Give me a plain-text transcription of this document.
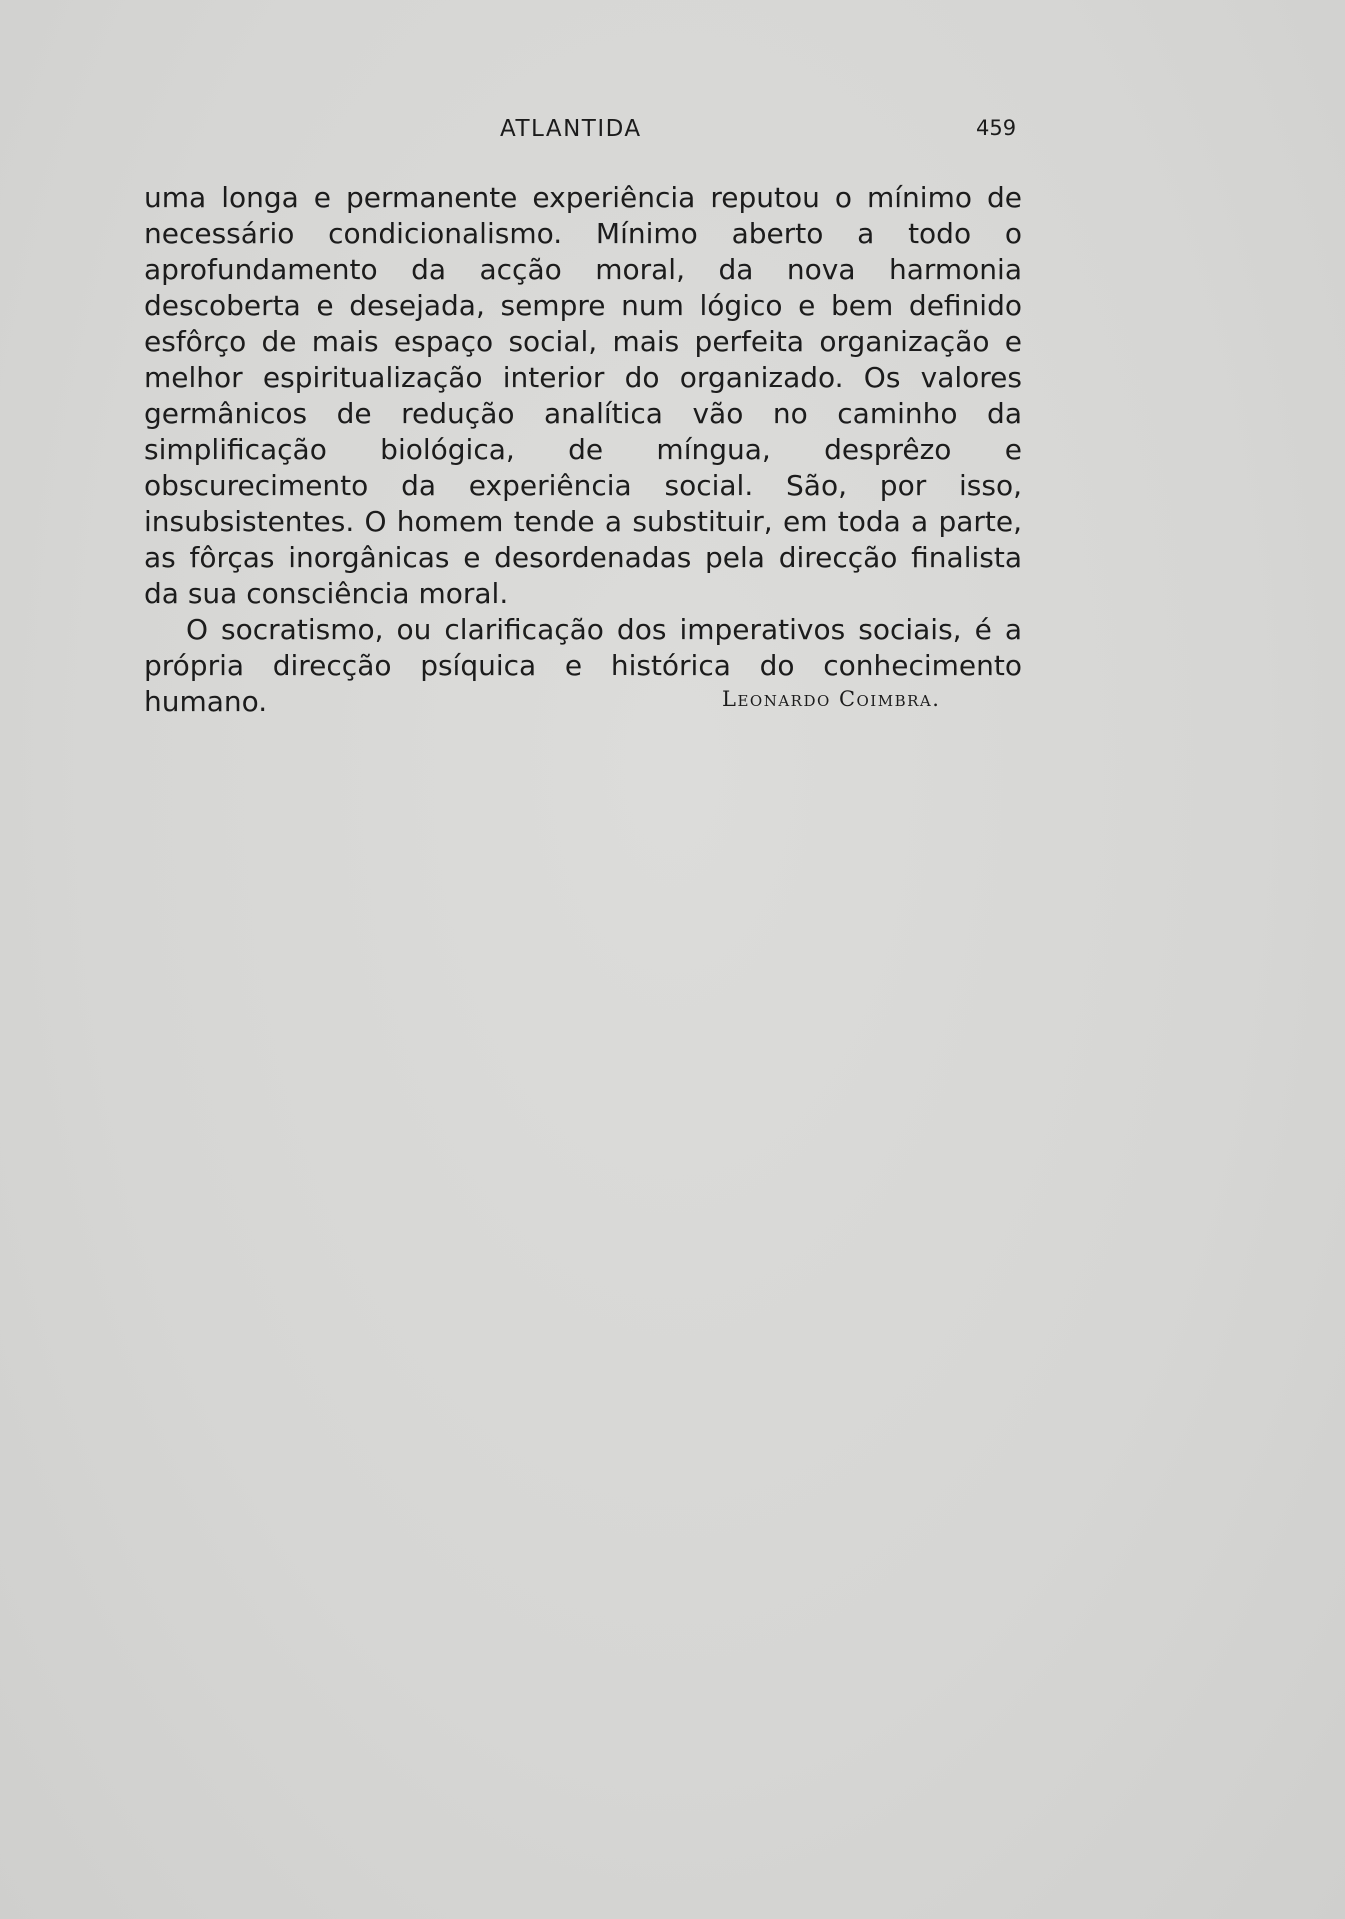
ATLANTIDA	459

uma longa e permanente experiência reputou o mínimo de necessário condicionalismo. Mínimo aberto a todo o aprofundamento da acção moral, da nova harmonia descoberta e desejada, sempre num lógico e bem definido esfôrço de mais espaço social, mais perfeita organização e melhor espiritualização interior do organizado. Os valores germânicos de redução analítica vão no caminho da simplificação biológica, de míngua, desprêzo e obscurecimento da experiência social. São, por isso, insubsistentes. O homem tende a substituir, em toda a parte, as fôrças inorgânicas e desordenadas pela direcção finalista da sua consciência moral.

O socratismo, ou clarificação dos imperativos sociais, é a própria direcção psíquica e histórica do conhecimento humano.	Leonardo Coimbra.
